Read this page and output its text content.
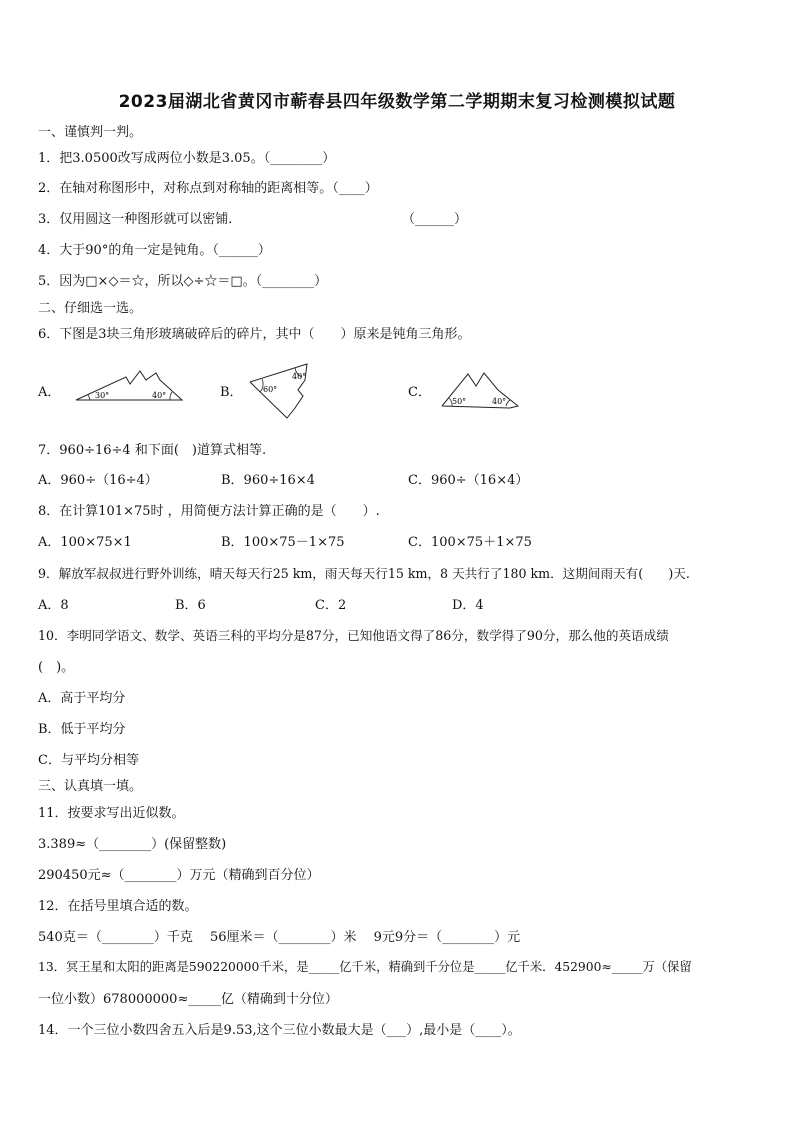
2023届湖北省黄冈市蕲春县四年级数学第二学期期末复习检测模拟试题
一、谨慎判一判。
1．把3.0500改写成两位小数是3.05。（________）
2．在轴对称图形中，对称点到对称轴的距离相等。（____）
3．仅用圆这一种图形就可以密铺．	（______）
4．大于90°的角一定是钝角。（______）
5．因为□×◇＝☆，所以◇÷☆＝□。（________）
二、仔细选一选。
6．下图是3块三角形玻璃破碎后的碎片，其中（　　）原来是钝角三角形。
A．	30°	40°	B．	60°
40°
C．
50°	40°
7．960÷16÷4 和下面(　)道算式相等.
A．960÷（16÷4）	B．960÷16×4	C．960÷（16×4）
8．在计算101×75时 ，用简便方法计算正确的是（　　）.
A．100×75×1	B．100×75－1×75	C．100×75＋1×75
9．解放军叔叔进行野外训练，晴天每天行25 km，雨天每天行15 km，8 天共行了180 km．这期间雨天有(　　)天.
A．8	B．6	C．2	D．4
10．李明同学语文、数学、英语三科的平均分是87分，已知他语文得了86分，数学得了90分，那么他的英语成绩
(　)。
A．高于平均分
B．低于平均分
C．与平均分相等
三、认真填一填。
11．按要求写出近似数。
3.389≈（________）(保留整数)
290450元≈（________）万元（精确到百分位）
12．在括号里填合适的数。
540克＝（________）千克　 56厘米＝（________）米　 9元9分＝（________）元
13．冥王星和太阳的距离是590220000千米，是_____亿千米，精确到千分位是_____亿千米．452900≈_____万（保留
一位小数）678000000≈_____亿（精确到十分位）
14．一个三位小数四舍五入后是9.53,这个三位小数最大是（___）,最小是（____）。
